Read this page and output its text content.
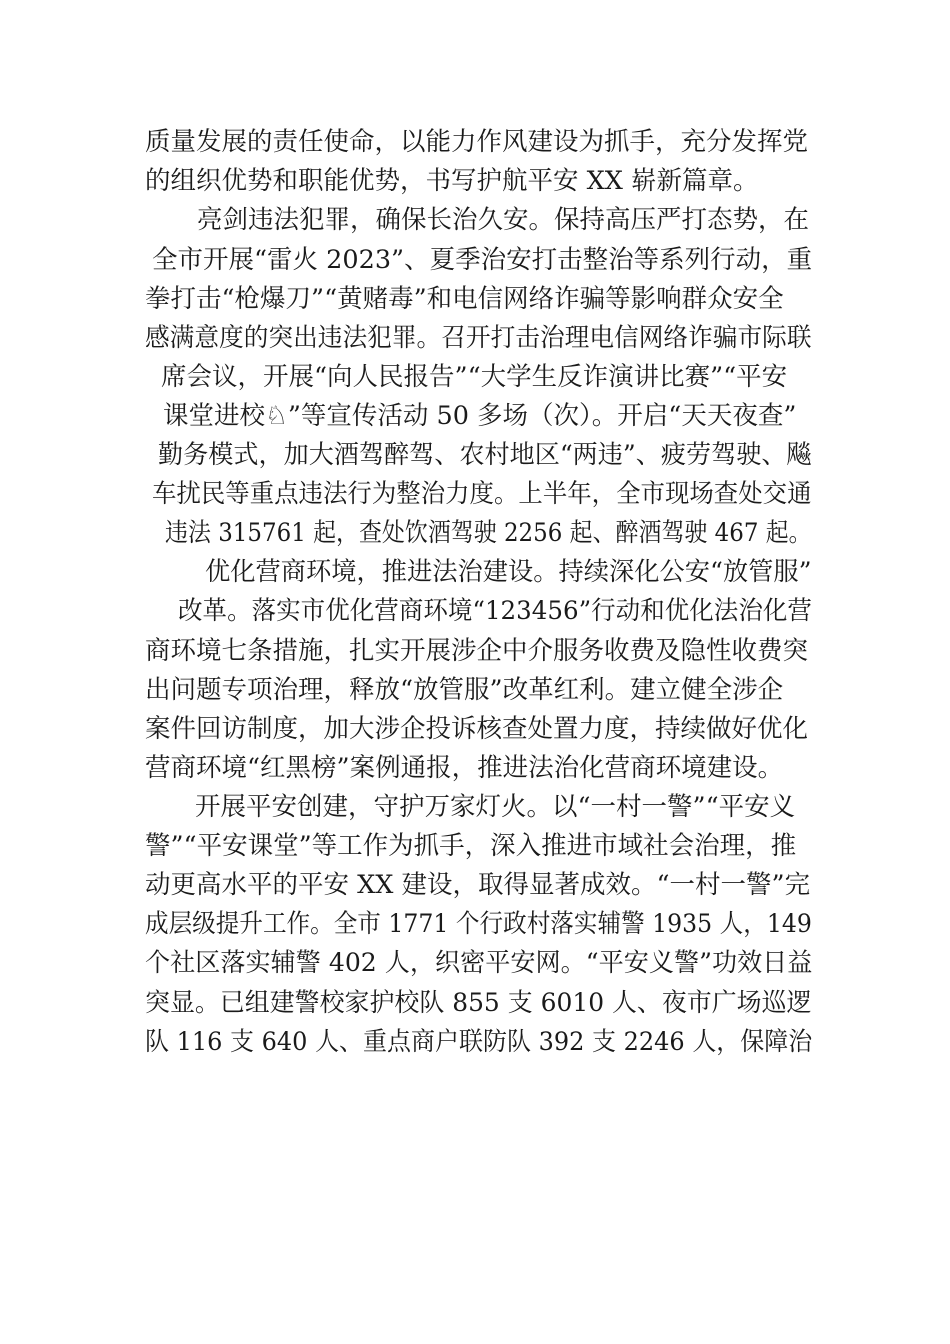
质量发展的责任使命，以能力作风建设为抓手，充分发挥党
的组织优势和职能优势，书写护航平安 XX 崭新篇章。
亮剑违法犯罪，确保长治久安。保持高压严打态势，在
全市开展“雷火 2023”、夏季治安打击整治等系列行动，重
拳打击“枪爆刀”“黄赌毒”和电信网络诈骗等影响群众安全
感满意度的突出违法犯罪。召开打击治理电信网络诈骗市际联
席会议，开展“向人民报告”“大学生反诈演讲比赛”“平安
课堂进校♘”等宣传活动 50 多场（次）。开启“天天夜查”
勤务模式，加大酒驾醉驾、农村地区“两违”、疲劳驾驶、飚
车扰民等重点违法行为整治力度。上半年，全市现场查处交通
违法 315761 起，查处饮酒驾驶 2256 起、醉酒驾驶 467 起。
优化营商环境，推进法治建设。持续深化公安“放管服”
改革。落实市优化营商环境“123456”行动和优化法治化营
商环境七条措施，扎实开展涉企中介服务收费及隐性收费突
出问题专项治理，释放“放管服”改革红利。建立健全涉企
案件回访制度，加大涉企投诉核查处置力度，持续做好优化
营商环境“红黑榜”案例通报，推进法治化营商环境建设。
开展平安创建，守护万家灯火。以“一村一警”“平安义
警”“平安课堂”等工作为抓手，深入推进市域社会治理，推
动更高水平的平安 XX 建设，取得显著成效。“一村一警”完
成层级提升工作。全市 1771 个行政村落实辅警 1935 人，149
个社区落实辅警 402 人，织密平安网。“平安义警”功效日益
突显。已组建警校家护校队 855 支 6010 人、夜市广场巡逻
队 116 支 640 人、重点商户联防队 392 支 2246 人，保障治
